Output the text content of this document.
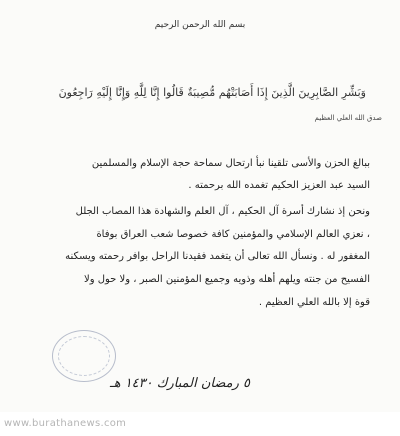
بسم الله الرحمن الرحيم
وَبَشِّرِ الصَّابِرِينَ الَّذِينَ إِذَا أَصَابَتْهُم مُّصِيبَةٌ قَالُوا إِنَّا لِلَّهِ وَإِنَّا إِلَيْهِ رَاجِعُونَ
صدق الله العلي العظيم
ببالغ الحزن والأسى تلقينا نبأ ارتحال سماحة حجة الإسلام والمسلمين
السيد عبد العزيز الحكيم تغمده الله برحمته .
ونحن إذ نشارك أسرة آل الحكيم ، آل العلم والشهادة هذا المصاب الجلل
، نعزي العالم الإسلامي والمؤمنين كافة خصوصا شعب العراق بوفاة
المغفور له . ونسأل الله تعالى أن يتغمد فقيدنا الراحل بوافر رحمته ويسكنه
الفسيح من جنته ويلهم أهله وذويه وجميع المؤمنين الصبر ، ولا حول ولا
قوة إلا بالله العلي العظيم .
٥ رمضان المبارك ١٤٣٠ هـ
www.burathanews.com
